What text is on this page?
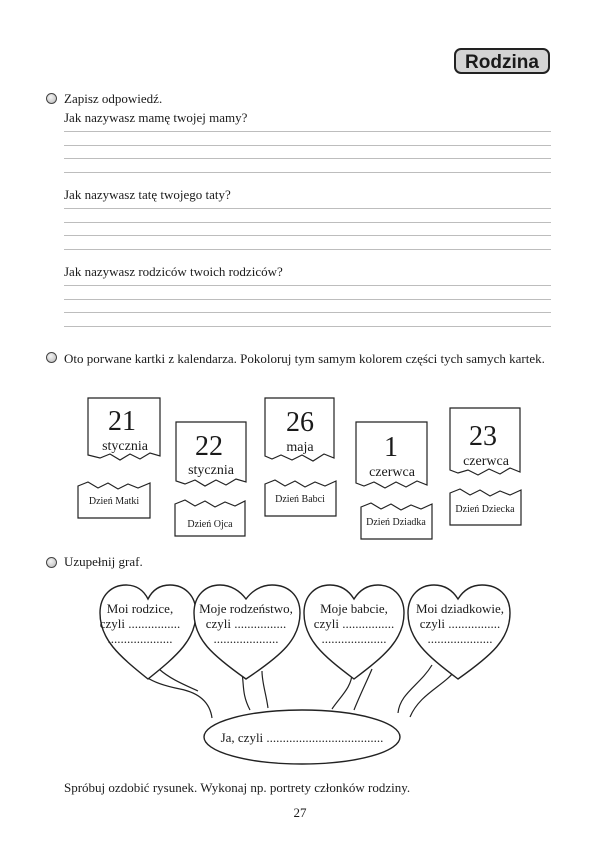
Rodzina
Zapisz odpowiedź.
Jak nazywasz mamę twojej mamy?
Jak nazywasz tatę twojego taty?
Jak nazywasz rodziców twoich rodziców?
Oto porwane kartki z kalendarza. Pokoloruj tym samym kolorem części tych samych kartek.
21
22
26
1	23
stycznia
stycznia
maja
czerwca
czerwca
Dzień Matki
Dzień Ojca
Dzień Babci
Dzień Dziadka
Dzień Dziecka
Uzupełnij graf.
Moi rodzice,
czyli ................
....................
Moje rodzeństwo,
czyli ................
....................
Moje babcie,
czyli ................
....................
Moi dziadkowie,
czyli ................
....................
Ja, czyli ....................................
Spróbuj ozdobić rysunek. Wykonaj np. portrety członków rodziny.
27
